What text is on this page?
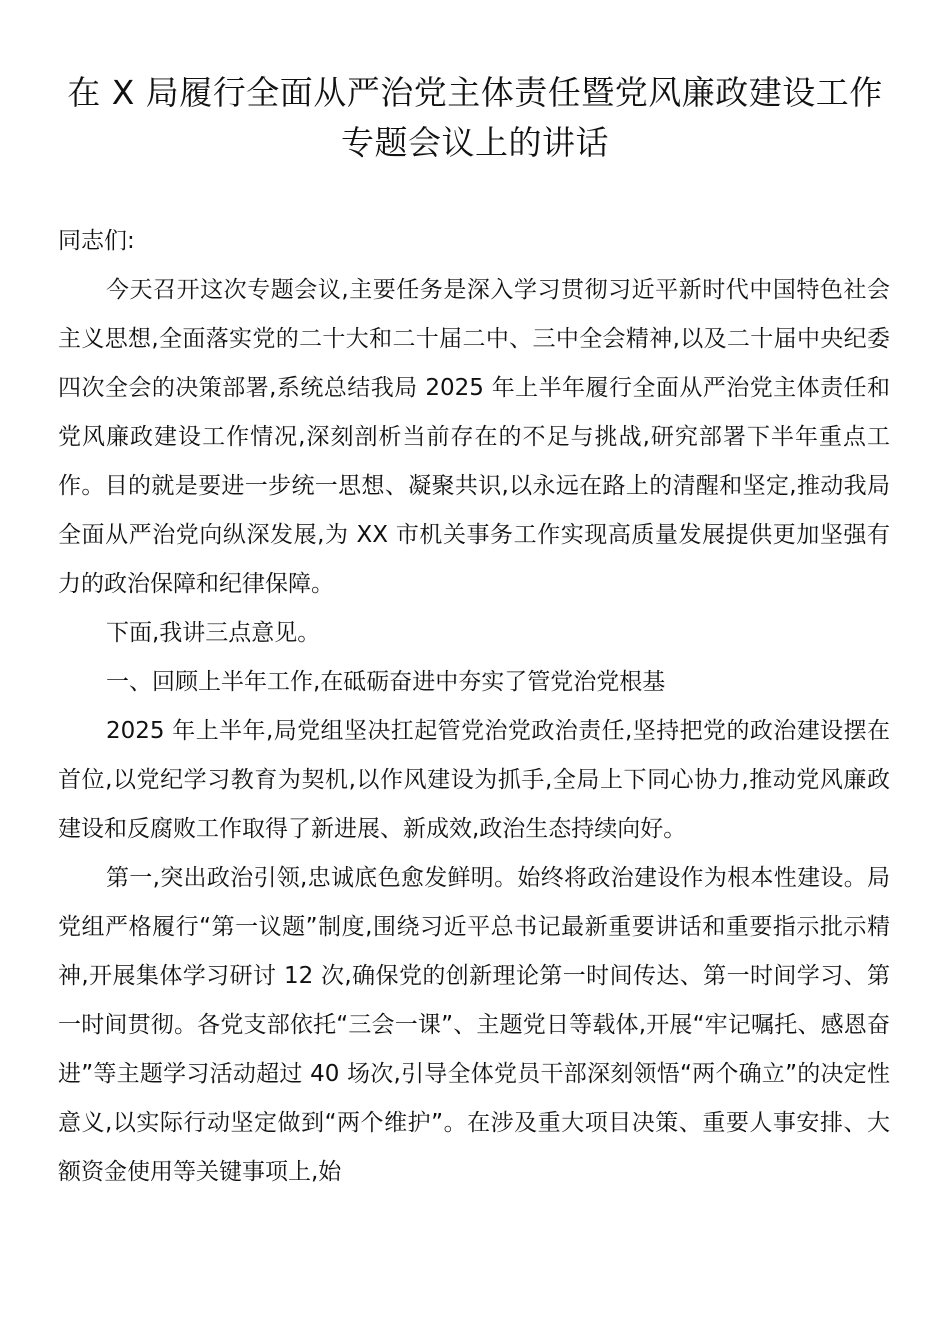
在 X 局履行全面从严治党主体责任暨党风廉政建设工作专题会议上的讲话

同志们:

今天召开这次专题会议,主要任务是深入学习贯彻习近平新时代中国特色社会主义思想,全面落实党的二十大和二十届二中、三中全会精神,以及二十届中央纪委四次全会的决策部署,系统总结我局 2025 年上半年履行全面从严治党主体责任和党风廉政建设工作情况,深刻剖析当前存在的不足与挑战,研究部署下半年重点工作。目的就是要进一步统一思想、凝聚共识,以永远在路上的清醒和坚定,推动我局全面从严治党向纵深发展,为 XX 市机关事务工作实现高质量发展提供更加坚强有力的政治保障和纪律保障。

下面,我讲三点意见。

一、回顾上半年工作,在砥砺奋进中夯实了管党治党根基

2025 年上半年,局党组坚决扛起管党治党政治责任,坚持把党的政治建设摆在首位,以党纪学习教育为契机,以作风建设为抓手,全局上下同心协力,推动党风廉政建设和反腐败工作取得了新进展、新成效,政治生态持续向好。

第一,突出政治引领,忠诚底色愈发鲜明。始终将政治建设作为根本性建设。局党组严格履行“第一议题”制度,围绕习近平总书记最新重要讲话和重要指示批示精神,开展集体学习研讨 12 次,确保党的创新理论第一时间传达、第一时间学习、第一时间贯彻。各党支部依托“三会一课”、主题党日等载体,开展“牢记嘱托、感恩奋进”等主题学习活动超过 40 场次,引导全体党员干部深刻领悟“两个确立”的决定性意义,以实际行动坚定做到“两个维护”。在涉及重大项目决策、重要人事安排、大额资金使用等关键事项上,始
